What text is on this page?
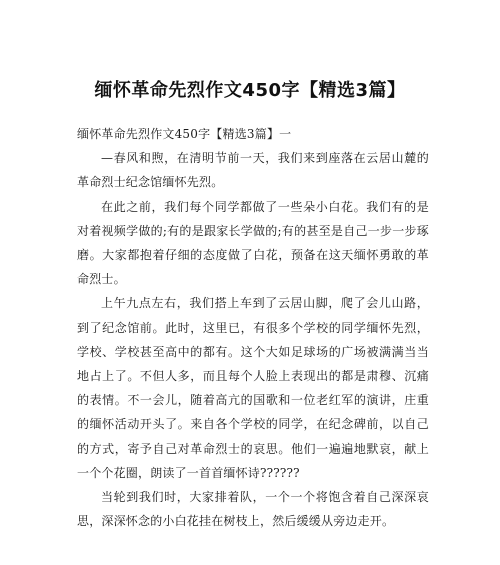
缅怀革命先烈作文450字【精选3篇】

缅怀革命先烈作文450字【精选3篇】一

—春风和煦，在清明节前一天，我们来到座落在云居山麓的革命烈士纪念馆缅怀先烈。

在此之前，我们每个同学都做了一些朵小白花。我们有的是对着视频学做的;有的是跟家长学做的;有的甚至是自己一步一步琢磨。大家都抱着仔细的态度做了白花，预备在这天缅怀勇敢的革命烈士。

上午九点左右，我们搭上车到了云居山脚，爬了会儿山路，到了纪念馆前。此时，这里已，有很多个学校的同学缅怀先烈，学校、学校甚至高中的都有。这个大如足球场的广场被满满当当地占上了。不但人多，而且每个人脸上表现出的都是肃穆、沉痛的表情。不一会儿，随着高亢的国歌和一位老红军的演讲，庄重的缅怀活动开头了。来自各个学校的同学，在纪念碑前，以自己的方式，寄予自己对革命烈士的哀思。他们一遍遍地默哀，献上一个个花圈，朗读了一首首缅怀诗??????

当轮到我们时，大家排着队，一个一个将饱含着自己深深哀思，深深怀念的小白花挂在树枝上，然后缓缓从旁边走开。
